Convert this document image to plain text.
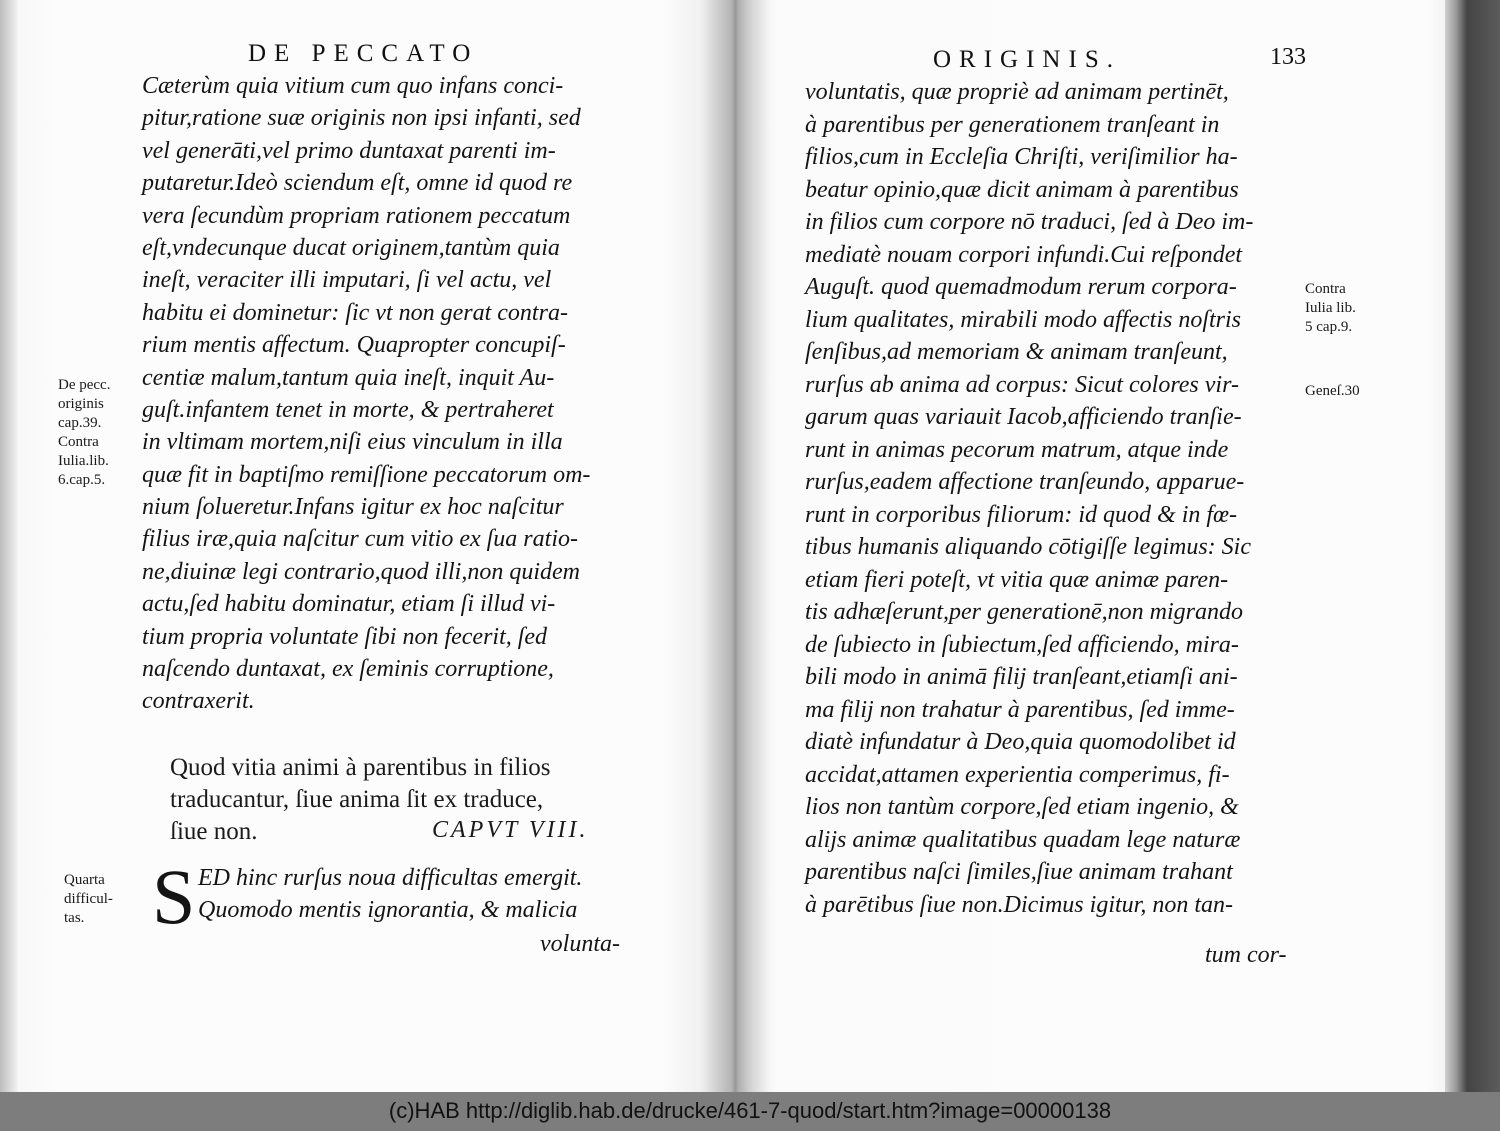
DE PECCATO
Cæterùm quia vitium cum quo infans conci-
pitur,ratione suæ originis non ipsi infanti, sed
vel generāti,vel primo duntaxat parenti im-
putaretur.Ideò sciendum eſt, omne id quod re
vera ſecundùm propriam rationem peccatum
eſt,vndecunque ducat originem,tantùm quia
ineſt, veraciter illi imputari, ſi vel actu, vel
habitu ei dominetur: ſic vt non gerat contra-
rium mentis affectum. Quapropter concupiſ-
centiæ malum,tantum quia ineſt, inquit Au-
guſt.infantem tenet in morte, & pertraheret
in vltimam mortem,niſi eius vinculum in illa
quæ fit in baptiſmo remiſſione peccatorum om-
nium ſolueretur.Infans igitur ex hoc naſcitur
filius iræ,quia naſcitur cum vitio ex ſua ratio-
ne,diuinæ legi contrario,quod illi,non quidem
actu,ſed habitu dominatur, etiam ſi illud vi-
tium propria voluntate ſibi non fecerit, ſed
naſcendo duntaxat, ex ſeminis corruptione,
contraxerit.
De pecc.
originis
cap.39.
Contra
Iulia.lib.
6.cap.5.
Quod vitia animi à parentibus in filios
traducantur, ſiue anima ſit ex traduce,
ſiue non.	CAPVT VIII.
S ED hinc rurſus noua difficultas emergit.
Quomodo mentis ignorantia, & malicia
volunta-
Quarta
difficul-
tas.
ORIGINIS.	133
voluntatis, quæ propriè ad animam pertinēt,
à parentibus per generationem tranſeant in
filios,cum in Eccleſia Chriſti, veriſimilior ha-
beatur opinio,quæ dicit animam à parentibus
in filios cum corpore nō traduci, ſed à Deo im-
mediatè nouam corpori infundi.Cui reſpondet
Auguſt. quod quemadmodum rerum corpora-
lium qualitates, mirabili modo affectis noſtris
ſenſibus,ad memoriam & animam tranſeunt,
rurſus ab anima ad corpus: Sicut colores vir-
garum quas variauit Iacob,afficiendo tranſie-
runt in animas pecorum matrum, atque inde
rurſus,eadem affectione tranſeundo, apparue-
runt in corporibus filiorum: id quod & in fœ-
tibus humanis aliquando cōtigiſſe legimus: Sic
etiam fieri poteſt, vt vitia quæ animæ paren-
tis adhæſerunt,per generationē,non migrando
de ſubiecto in ſubiectum,ſed afficiendo, mira-
bili modo in animā filij tranſeant,etiamſi ani-
ma filij non trahatur à parentibus, ſed imme-
diatè infundatur à Deo,quia quomodolibet id
accidat,attamen experientia comperimus, fi-
lios non tantùm corpore,ſed etiam ingenio, &
alijs animæ qualitatibus quadam lege naturæ
parentibus naſci ſimiles,ſiue animam trahant
à parētibus ſiue non.Dicimus igitur, non tan-
tum cor-
Contra
Iulia lib.
5 cap.9.
Geneſ.30
(c)HAB http://diglib.hab.de/drucke/461-7-quod/start.htm?image=00000138
